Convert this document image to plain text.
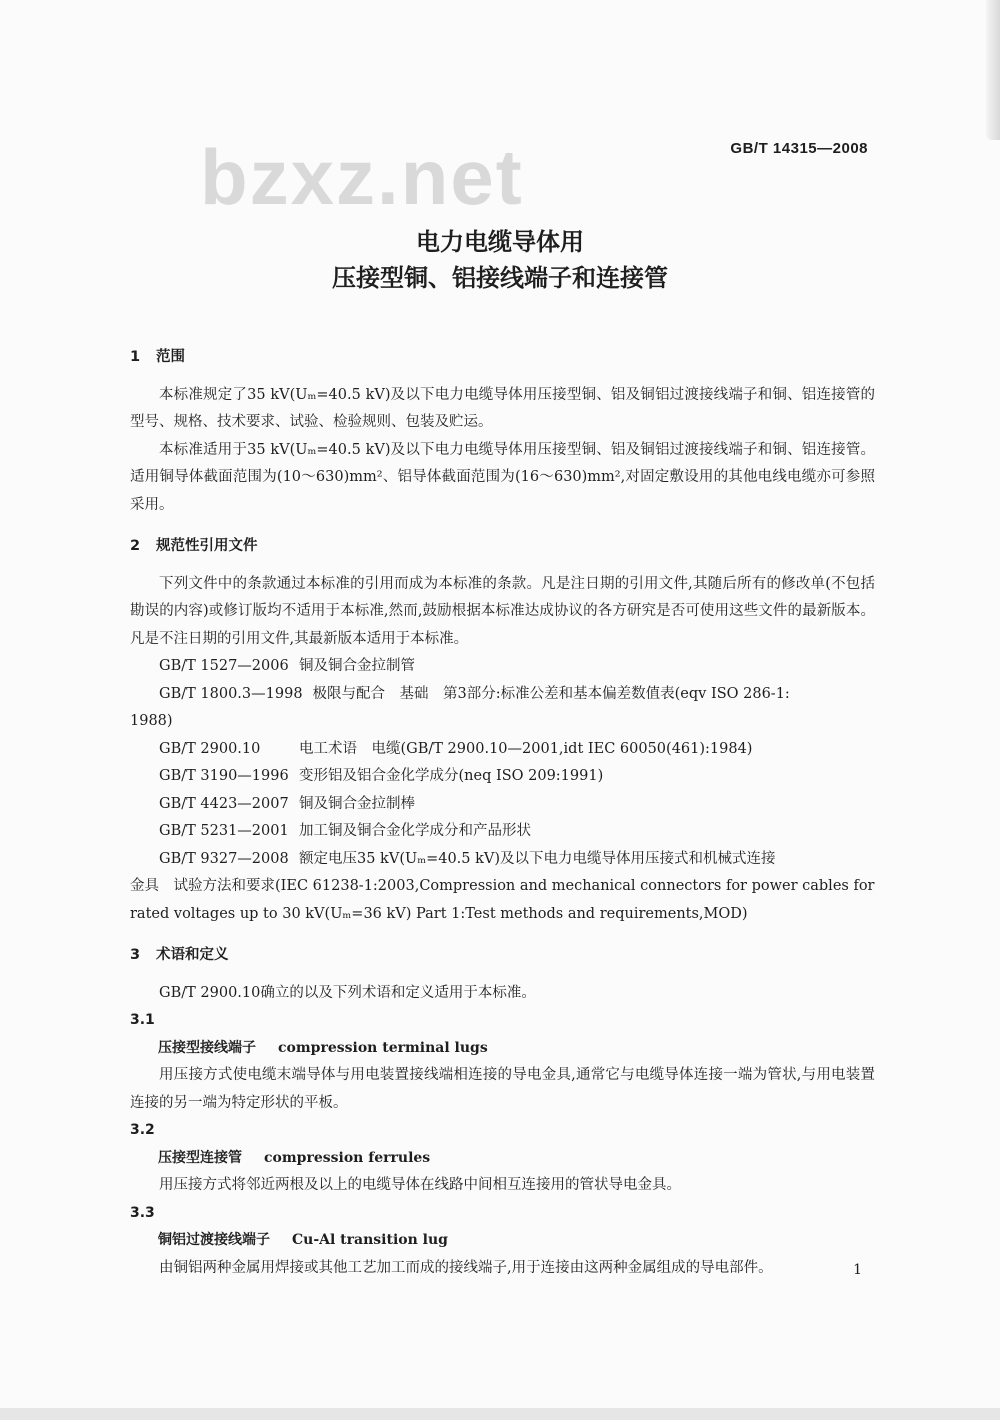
bzxz.net	GB/T 14315—2008
电力电缆导体用
压接型铜、铝接线端子和连接管

1 范围

本标准规定了35 kV(Uₘ=40.5 kV)及以下电力电缆导体用压接型铜、铝及铜铝过渡接线端子和铜、铝连接管的型号、规格、技术要求、试验、检验规则、包装及贮运。

本标准适用于35 kV(Uₘ=40.5 kV)及以下电力电缆导体用压接型铜、铝及铜铝过渡接线端子和铜、铝连接管。适用铜导体截面范围为(10～630)mm²、铝导体截面范围为(16～630)mm²,对固定敷设用的其他电线电缆亦可参照采用。

2 规范性引用文件

下列文件中的条款通过本标准的引用而成为本标准的条款。凡是注日期的引用文件,其随后所有的修改单(不包括勘误的内容)或修订版均不适用于本标准,然而,鼓励根据本标准达成协议的各方研究是否可使用这些文件的最新版本。凡是不注日期的引用文件,其最新版本适用于本标准。

GB/T 1527—2006 铜及铜合金拉制管

GB/T 1800.3—1998 极限与配合　基础　第3部分:标准公差和基本偏差数值表(eqv ISO 286-1:

1988)

GB/T 2900.10	电工术语　电缆(GB/T 2900.10—2001,idt IEC 60050(461):1984)

GB/T 3190—1996 变形铝及铝合金化学成分(neq ISO 209:1991)

GB/T 4423—2007 铜及铜合金拉制棒

GB/T 5231—2001 加工铜及铜合金化学成分和产品形状

GB/T 9327—2008 额定电压35 kV(Uₘ=40.5 kV)及以下电力电缆导体用压接式和机械式连接

金具　试验方法和要求(IEC 61238-1:2003,Compression and mechanical connectors for power cables for rated voltages up to 30 kV(Uₘ=36 kV) Part 1:Test methods and requirements,MOD)

3 术语和定义

GB/T 2900.10确立的以及下列术语和定义适用于本标准。

3.1

压接型接线端子 compression terminal lugs

用压接方式使电缆末端导体与用电装置接线端相连接的导电金具,通常它与电缆导体连接一端为管状,与用电装置连接的另一端为特定形状的平板。

3.2

压接型连接管 compression ferrules

用压接方式将邻近两根及以上的电缆导体在线路中间相互连接用的管状导电金具。

3.3

铜铝过渡接线端子 Cu-Al transition lug

由铜铝两种金属用焊接或其他工艺加工而成的接线端子,用于连接由这两种金属组成的导电部件。	1
